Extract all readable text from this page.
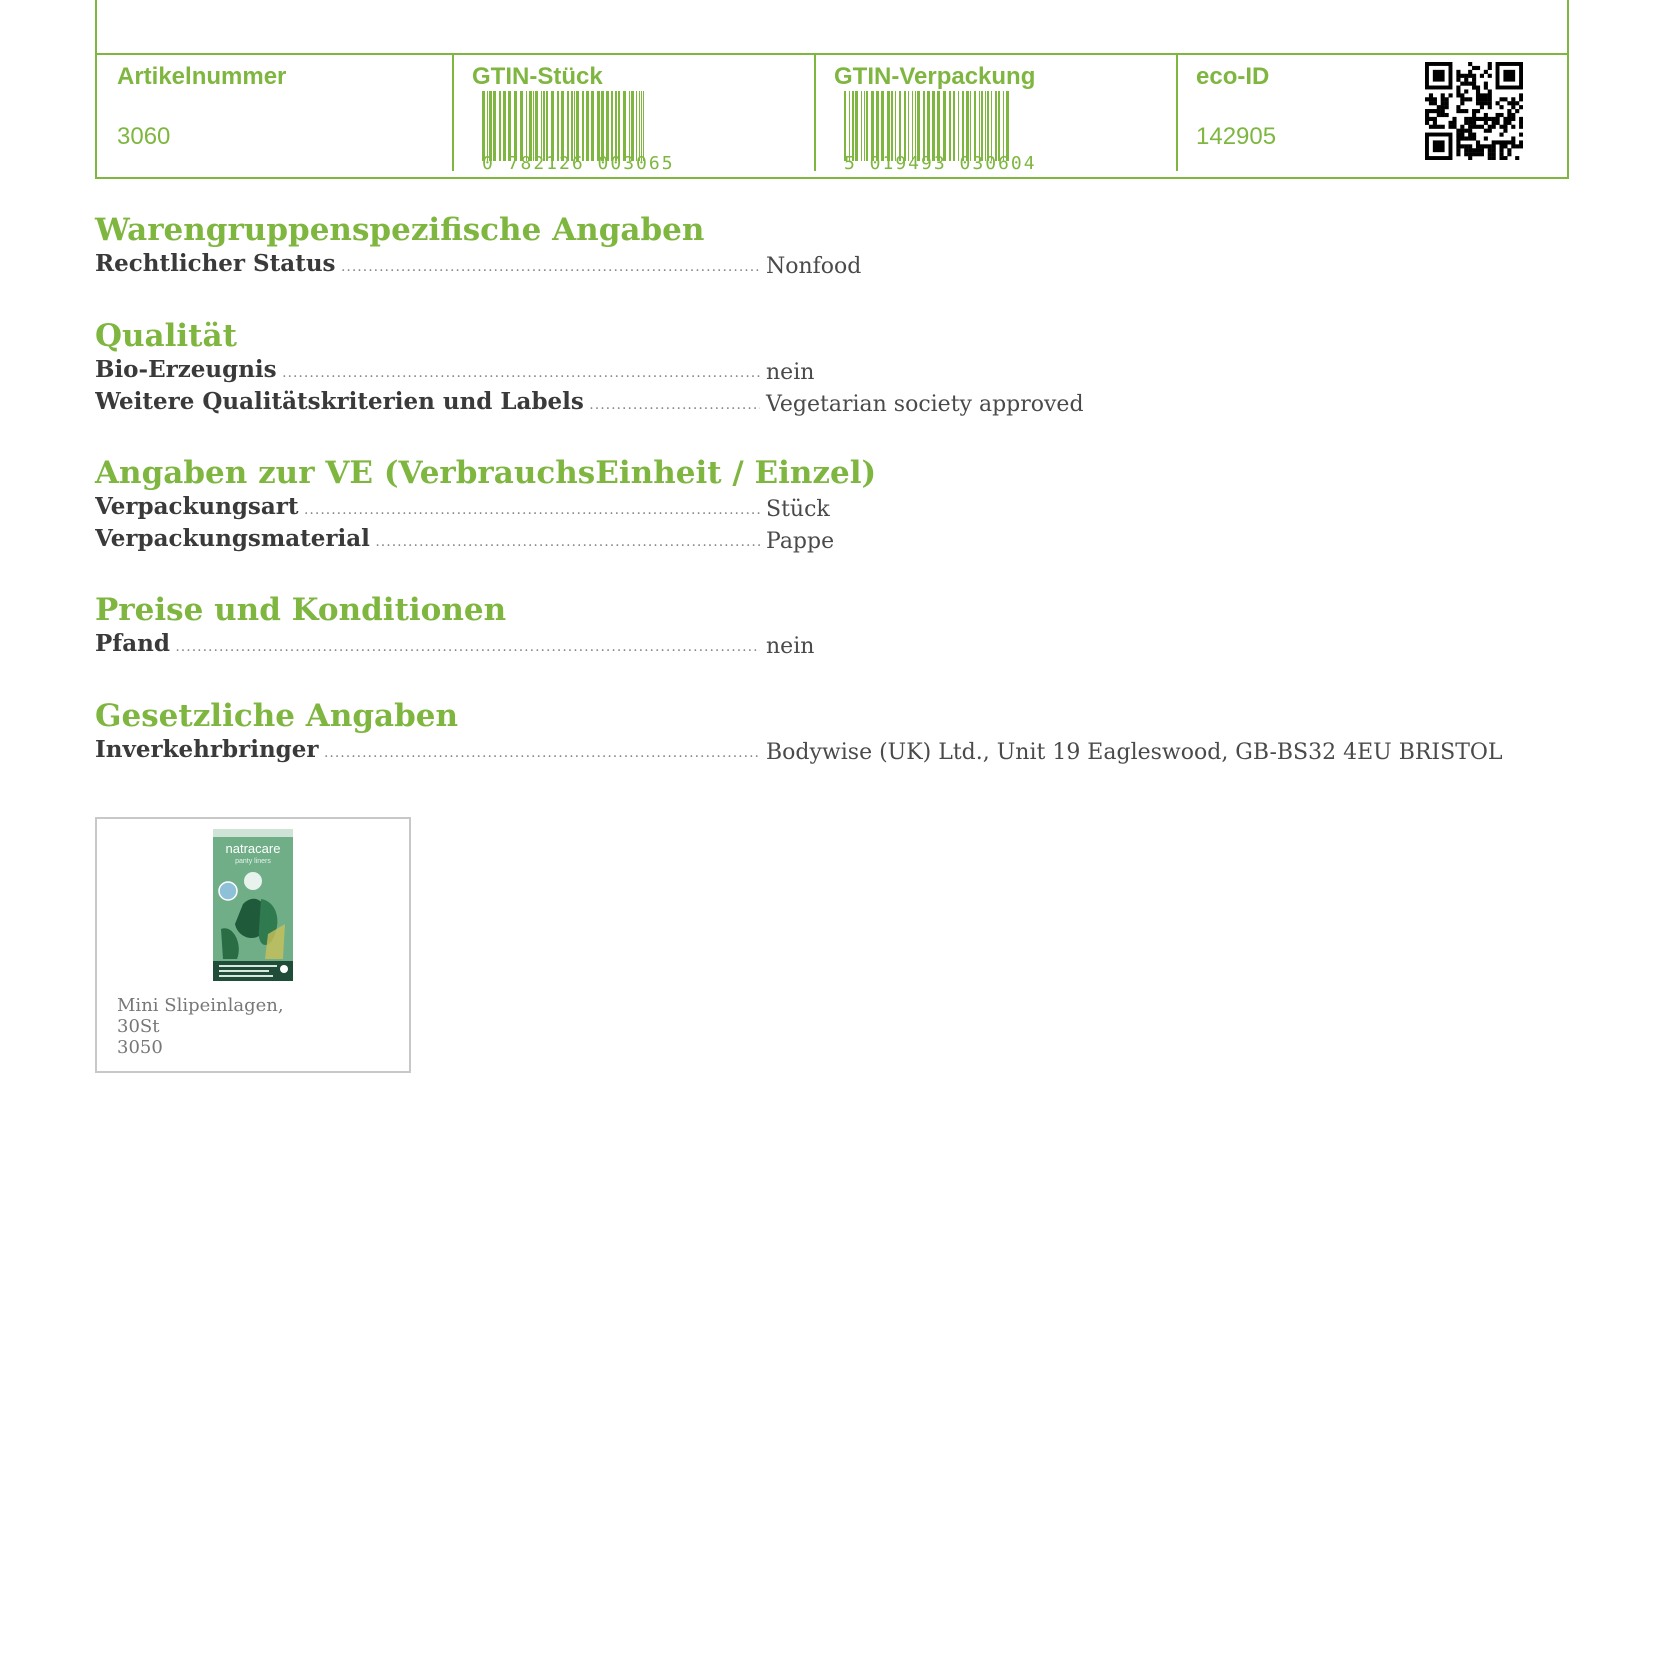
Artikelnummer
3060
GTIN-Stück
0 782126 003065
GTIN-Verpackung
5 019493 030604
eco-ID
142905
Warengruppenspezifische Angaben
Rechtlicher Status .....	Nonfood
Qualität
Bio-Erzeugnis .....	nein
Weitere Qualitätskriterien und Labels .....	Vegetarian society approved
Angaben zur VE (VerbrauchsEinheit / Einzel)
Verpackungsart .....	Stück
Verpackungsmaterial .....	Pappe
Preise und Konditionen
Pfand .....	nein
Gesetzliche Angaben
Inverkehrbringer .....	Bodywise (UK) Ltd., Unit 19 Eagleswood, GB-BS32 4EU BRISTOL
natracare
panty liners
Mini Slipeinlagen,
30St
3050
